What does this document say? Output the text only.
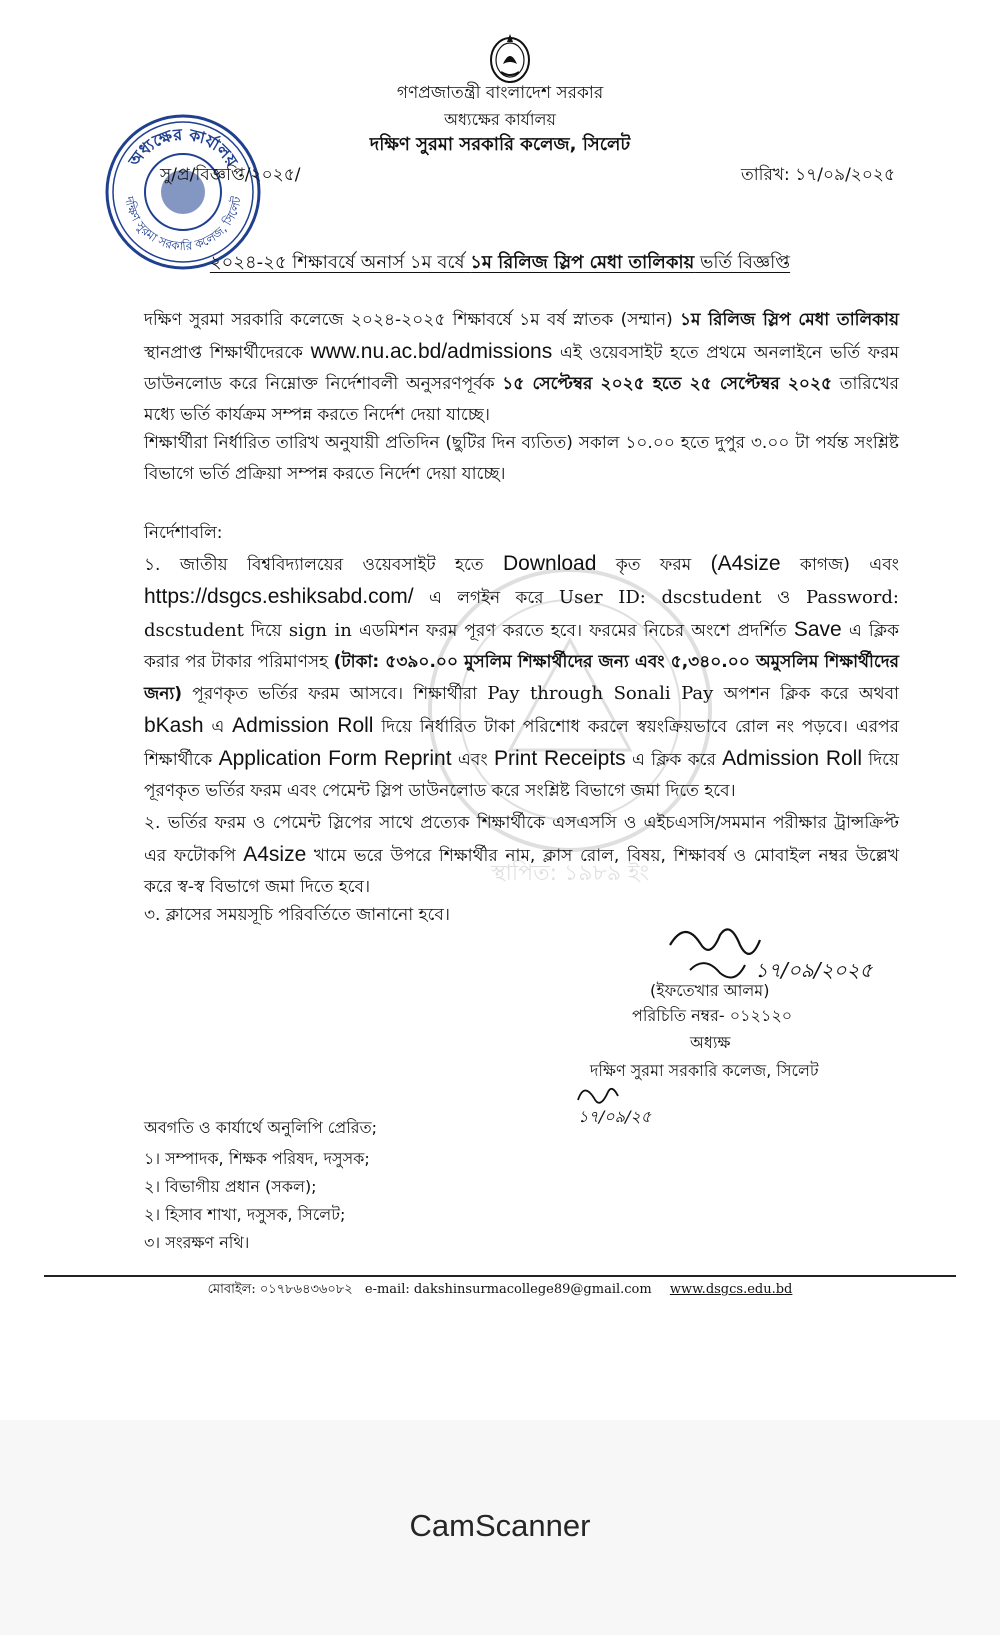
গণপ্রজাতন্ত্রী বাংলাদেশ সরকার
অধ্যক্ষের কার্যালয়
দক্ষিণ সুরমা সরকারি কলেজ, সিলেট
অধ্যক্ষের কার্যালয়
দক্ষিণ সুরমা সরকারি কলেজ, সিলেট
সু/প্র/বিজ্ঞপ্তি/২০২৫/	তারিখ: ১৭/০৯/২০২৫
২০২৪-২৫ শিক্ষাবর্ষে অনার্স ১ম বর্ষে ১ম রিলিজ স্লিপ মেধা তালিকায় ভর্তি বিজ্ঞপ্তি
দক্ষিণ সুরমা সরকারি কলেজে ২০২৪-২০২৫ শিক্ষাবর্ষে ১ম বর্ষ স্নাতক (সম্মান) ১ম রিলিজ স্লিপ মেধা তালিকায় স্থানপ্রাপ্ত শিক্ষার্থীদেরকে www.nu.ac.bd/admissions এই ওয়েবসাইট হতে প্রথমে অনলাইনে ভর্তি ফরম ডাউনলোড করে নিম্নোক্ত নির্দেশাবলী অনুসরণপূর্বক ১৫ সেপ্টেম্বর ২০২৫ হতে ২৫ সেপ্টেম্বর ২০২৫ তারিখের মধ্যে ভর্তি কার্যক্রম সম্পন্ন করতে নির্দেশ দেয়া যাচ্ছে।
শিক্ষার্থীরা নির্ধারিত তারিখ অনুযায়ী প্রতিদিন (ছুটির দিন ব্যতিত) সকাল ১০.০০ হতে দুপুর ৩.০০ টা পর্যন্ত সংশ্লিষ্ট বিভাগে ভর্তি প্রক্রিয়া সম্পন্ন করতে নির্দেশ দেয়া যাচ্ছে।
স্থাপিত: ১৯৮৯ ইং
নির্দেশাবলি:
১. জাতীয় বিশ্ববিদ্যালয়ের ওয়েবসাইট হতে Download কৃত ফরম (A4size কাগজ) এবং https://dsgcs.eshiksabd.com/ এ লগইন করে User ID: dscstudent ও Password: dscstudent দিয়ে sign in এডমিশন ফরম পূরণ করতে হবে। ফরমের নিচের অংশে প্রদর্শিত Save এ ক্লিক করার পর টাকার পরিমাণসহ (টাকা: ৫৩৯০.০০ মুসলিম শিক্ষার্থীদের জন্য এবং ৫,৩৪০.০০ অমুসলিম শিক্ষার্থীদের জন্য) পূরণকৃত ভর্তির ফরম আসবে। শিক্ষার্থীরা Pay through Sonali Pay অপশন ক্লিক করে অথবা bKash এ Admission Roll দিয়ে নির্ধারিত টাকা পরিশোধ করলে স্বয়ংক্রিয়ভাবে রোল নং পড়বে। এরপর শিক্ষার্থীকে Application Form Reprint এবং Print Receipts এ ক্লিক করে Admission Roll দিয়ে পূরণকৃত ভর্তির ফরম এবং পেমেন্ট স্লিপ ডাউনলোড করে সংশ্লিষ্ট বিভাগে জমা দিতে হবে।
২. ভর্তির ফরম ও পেমেন্ট স্লিপের সাথে প্রত্যেক শিক্ষার্থীকে এসএসসি ও এইচএসসি/সমমান পরীক্ষার ট্রান্সক্রিপ্ট এর ফটোকপি A4size খামে ভরে উপরে শিক্ষার্থীর নাম, ক্লাস রোল, বিষয়, শিক্ষাবর্ষ ও মোবাইল নম্বর উল্লেখ করে স্ব-স্ব বিভাগে জমা দিতে হবে।
৩. ক্লাসের সময়সূচি পরিবর্তিতে জানানো হবে।
১৭/০৯/২০২৫
(ইফতেখার আলম)
পরিচিতি নম্বর- ০১২১২০
অধ্যক্ষ
দক্ষিণ সুরমা সরকারি কলেজ, সিলেট
১৭/০৯/২৫
অবগতি ও কার্যার্থে অনুলিপি প্রেরিত;
১। সম্পাদক, শিক্ষক পরিষদ, দসুসক;
২। বিভাগীয় প্রধান (সকল);
২। হিসাব শাখা, দসুসক, সিলেট;
৩। সংরক্ষণ নথি।
মোবাইল: ০১৭৮৬৪৩৬০৮২ e-mail: dakshinsurmacollege89@gmail.com www.dsgcs.edu.bd
CamScanner
